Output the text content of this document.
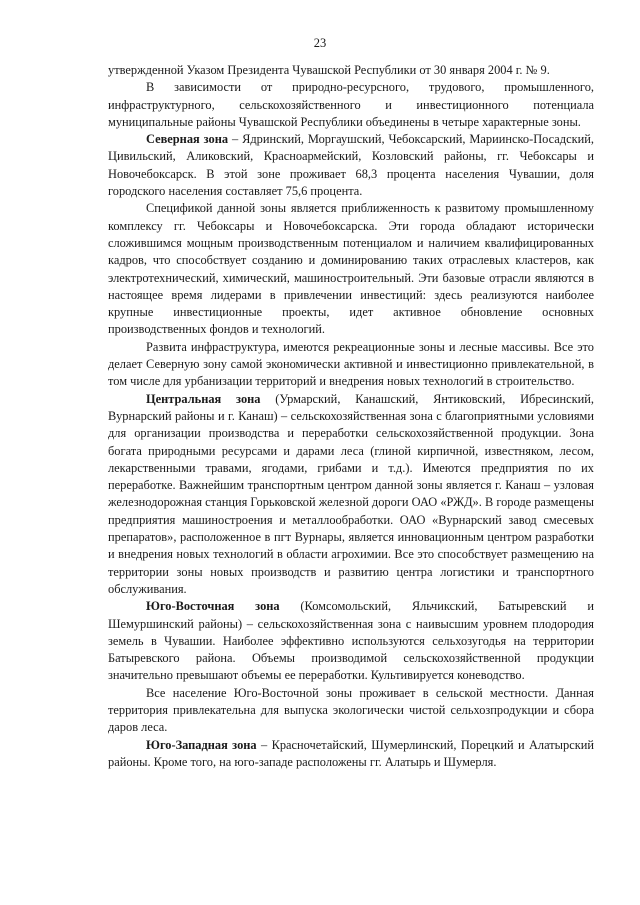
23

утвержденной Указом Президента Чувашской Республики от 30 января 2004 г. № 9.

В зависимости от природно-ресурсного, трудового, промышленного, инфраструктурного, сельскохозяйственного и инвестиционного потенциала муниципальные районы Чувашской Республики объединены в четыре характерные зоны.

Северная зона – Ядринский, Моргаушский, Чебоксарский, Мариинско-Посадский, Цивильский, Аликовский, Красноармейский, Козловский районы, гг. Чебоксары и Новочебоксарск. В этой зоне проживает 68,3 процента населения Чувашии, доля городского населения составляет 75,6 процента.

Спецификой данной зоны является приближенность к развитому промышленному комплексу гг. Чебоксары и Новочебоксарска. Эти города обладают исторически сложившимся мощным производственным потенциалом и наличием квалифицированных кадров, что способствует созданию и доминированию таких отраслевых кластеров, как электротехнический, химический, машиностроительный. Эти базовые отрасли являются в настоящее время лидерами в привлечении инвестиций: здесь реализуются наиболее крупные инвестиционные проекты, идет активное обновление основных производственных фондов и технологий.

Развита инфраструктура, имеются рекреационные зоны и лесные массивы. Все это делает Северную зону самой экономически активной и инвестиционно привлекательной, в том числе для урбанизации территорий и внедрения новых технологий в строительство.

Центральная зона (Урмарский, Канашский, Янтиковский, Ибресинский, Вурнарский районы и г. Канаш) – сельскохозяйственная зона с благоприятными условиями для организации производства и переработки сельскохозяйственной продукции. Зона богата природными ресурсами и дарами леса (глиной кирпичной, известняком, лесом, лекарственными травами, ягодами, грибами и т.д.). Имеются предприятия по их переработке. Важнейшим транспортным центром данной зоны является г. Канаш – узловая железнодорожная станция Горьковской железной дороги ОАО «РЖД». В городе размещены предприятия машиностроения и металлообработки. ОАО «Вурнарский завод смесевых препаратов», расположенное в пгт Вурнары, является инновационным центром разработки и внедрения новых технологий в области агрохимии. Все это способствует размещению на территории зоны новых производств и развитию центра логистики и транспортного обслуживания.

Юго-Восточная зона (Комсомольский, Яльчикский, Батыревский и Шемуршинский районы) – сельскохозяйственная зона с наивысшим уровнем плодородия земель в Чувашии. Наиболее эффективно используются сельхозугодья на территории Батыревского района. Объемы производимой сельскохозяйственной продукции значительно превышают объемы ее переработки. Культивируется коневодство.

Все население Юго-Восточной зоны проживает в сельской местности. Данная территория привлекательна для выпуска экологически чистой сельхозпродукции и сбора даров леса.

Юго-Западная зона – Красночетайский, Шумерлинский, Порецкий и Алатырский районы. Кроме того, на юго-западе расположены гг. Алатырь и Шумерля.
